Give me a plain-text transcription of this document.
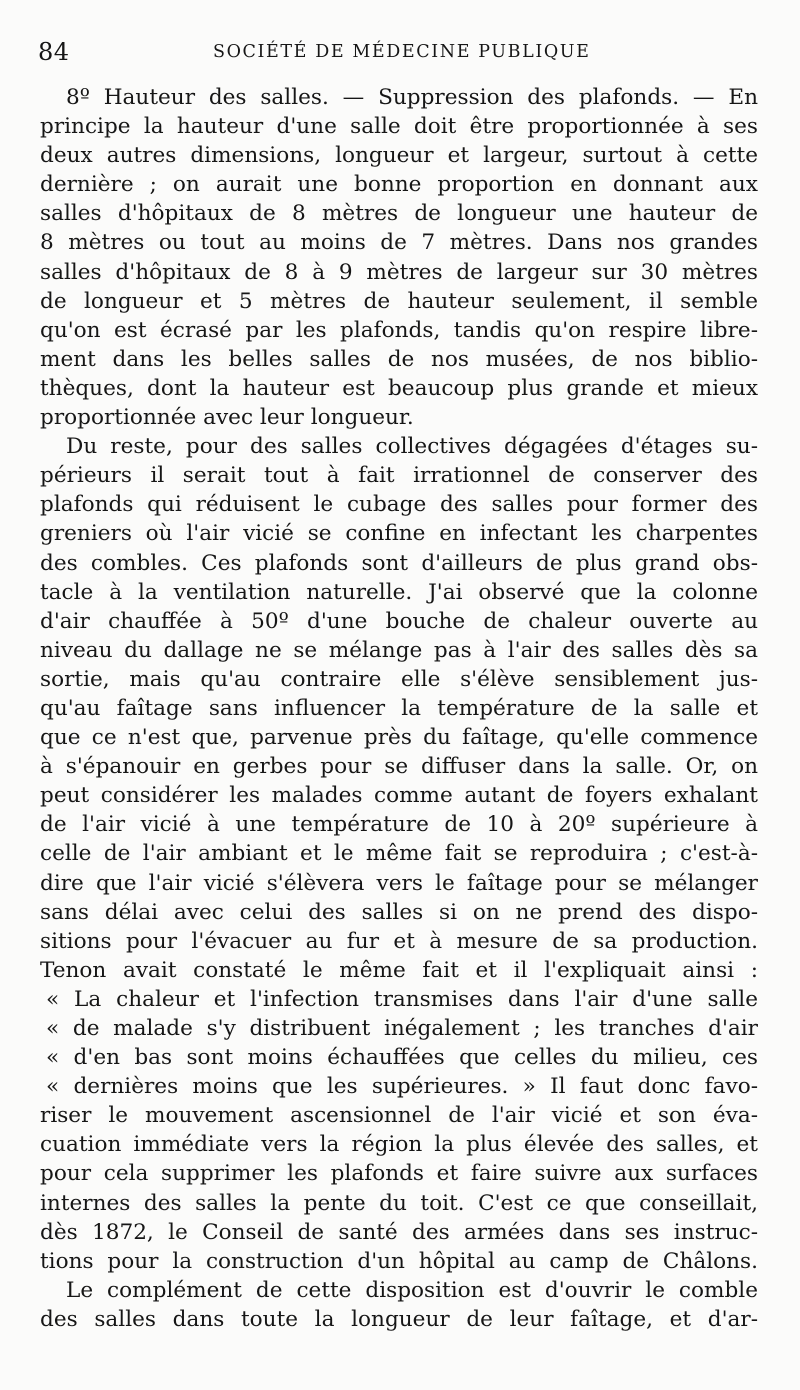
84	SOCIÉTÉ DE MÉDECINE PUBLIQUE
8º Hauteur des salles. — Suppression des plafonds. — En
principe la hauteur d'une salle doit être proportionnée à ses
deux autres dimensions, longueur et largeur, surtout à cette
dernière ; on aurait une bonne proportion en donnant aux
salles d'hôpitaux de 8 mètres de longueur une hauteur de
8 mètres ou tout au moins de 7 mètres. Dans nos grandes
salles d'hôpitaux de 8 à 9 mètres de largeur sur 30 mètres
de longueur et 5 mètres de hauteur seulement, il semble
qu'on est écrasé par les plafonds, tandis qu'on respire libre-
ment dans les belles salles de nos musées, de nos biblio-
thèques, dont la hauteur est beaucoup plus grande et mieux
proportionnée avec leur longueur.
Du reste, pour des salles collectives dégagées d'étages su-
périeurs il serait tout à fait irrationnel de conserver des
plafonds qui réduisent le cubage des salles pour former des
greniers où l'air vicié se confine en infectant les charpentes
des combles. Ces plafonds sont d'ailleurs de plus grand obs-
tacle à la ventilation naturelle. J'ai observé que la colonne
d'air chauffée à 50º d'une bouche de chaleur ouverte au
niveau du dallage ne se mélange pas à l'air des salles dès sa
sortie, mais qu'au contraire elle s'élève sensiblement jus-
qu'au faîtage sans influencer la température de la salle et
que ce n'est que, parvenue près du faîtage, qu'elle commence
à s'épanouir en gerbes pour se diffuser dans la salle. Or, on
peut considérer les malades comme autant de foyers exhalant
de l'air vicié à une température de 10 à 20º supérieure à
celle de l'air ambiant et le même fait se reproduira ; c'est-à-
dire que l'air vicié s'élèvera vers le faîtage pour se mélanger
sans délai avec celui des salles si on ne prend des dispo-
sitions pour l'évacuer au fur et à mesure de sa production.
Tenon avait constaté le même fait et il l'expliquait ainsi :
« La chaleur et l'infection transmises dans l'air d'une salle
« de malade s'y distribuent inégalement ; les tranches d'air
« d'en bas sont moins échauffées que celles du milieu, ces
« dernières moins que les supérieures. » Il faut donc favo-
riser le mouvement ascensionnel de l'air vicié et son éva-
cuation immédiate vers la région la plus élevée des salles, et
pour cela supprimer les plafonds et faire suivre aux surfaces
internes des salles la pente du toit. C'est ce que conseillait,
dès 1872, le Conseil de santé des armées dans ses instruc-
tions pour la construction d'un hôpital au camp de Châlons.
Le complément de cette disposition est d'ouvrir le comble
des salles dans toute la longueur de leur faîtage, et d'ar-
